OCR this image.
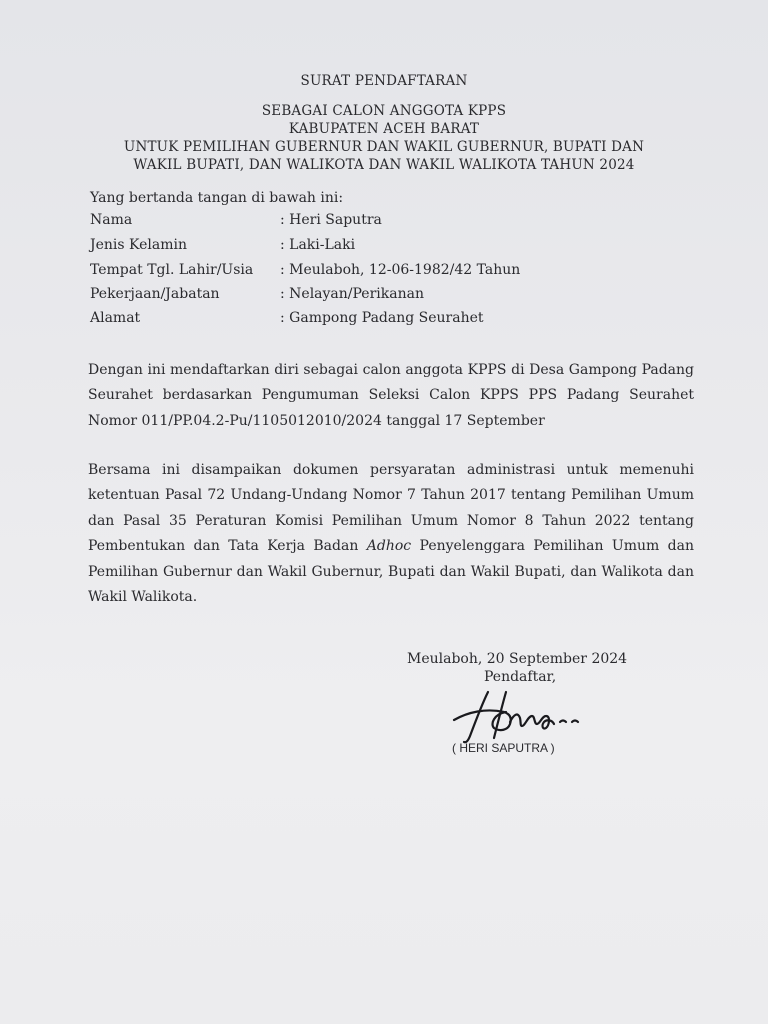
SURAT PENDAFTARAN
SEBAGAI CALON ANGGOTA KPPS
KABUPATEN ACEH BARAT
UNTUK PEMILIHAN GUBERNUR DAN WAKIL GUBERNUR, BUPATI DAN
WAKIL BUPATI, DAN WALIKOTA DAN WAKIL WALIKOTA TAHUN 2024
Yang bertanda tangan di bawah ini:
Nama	: Heri Saputra
Jenis Kelamin	: Laki-Laki
Tempat Tgl. Lahir/Usia : Meulaboh, 12-06-1982/42 Tahun
Pekerjaan/Jabatan	: Nelayan/Perikanan
Alamat	: Gampong Padang Seurahet
Dengan ini mendaftarkan diri sebagai calon anggota KPPS di Desa Gampong Padang Seurahet berdasarkan Pengumuman Seleksi Calon KPPS PPS Padang Seurahet Nomor 011/PP.04.2-Pu/1105012010/2024 tanggal 17 September
Bersama ini disampaikan dokumen persyaratan administrasi untuk memenuhi ketentuan Pasal 72 Undang-Undang Nomor 7 Tahun 2017 tentang Pemilihan Umum dan Pasal 35 Peraturan Komisi Pemilihan Umum Nomor 8 Tahun 2022 tentang Pembentukan dan Tata Kerja Badan Adhoc Penyelenggara Pemilihan Umum dan Pemilihan Gubernur dan Wakil Gubernur, Bupati dan Wakil Bupati, dan Walikota dan Wakil Walikota.
Meulaboh, 20 September 2024
Pendaftar,
( HERI SAPUTRA )
